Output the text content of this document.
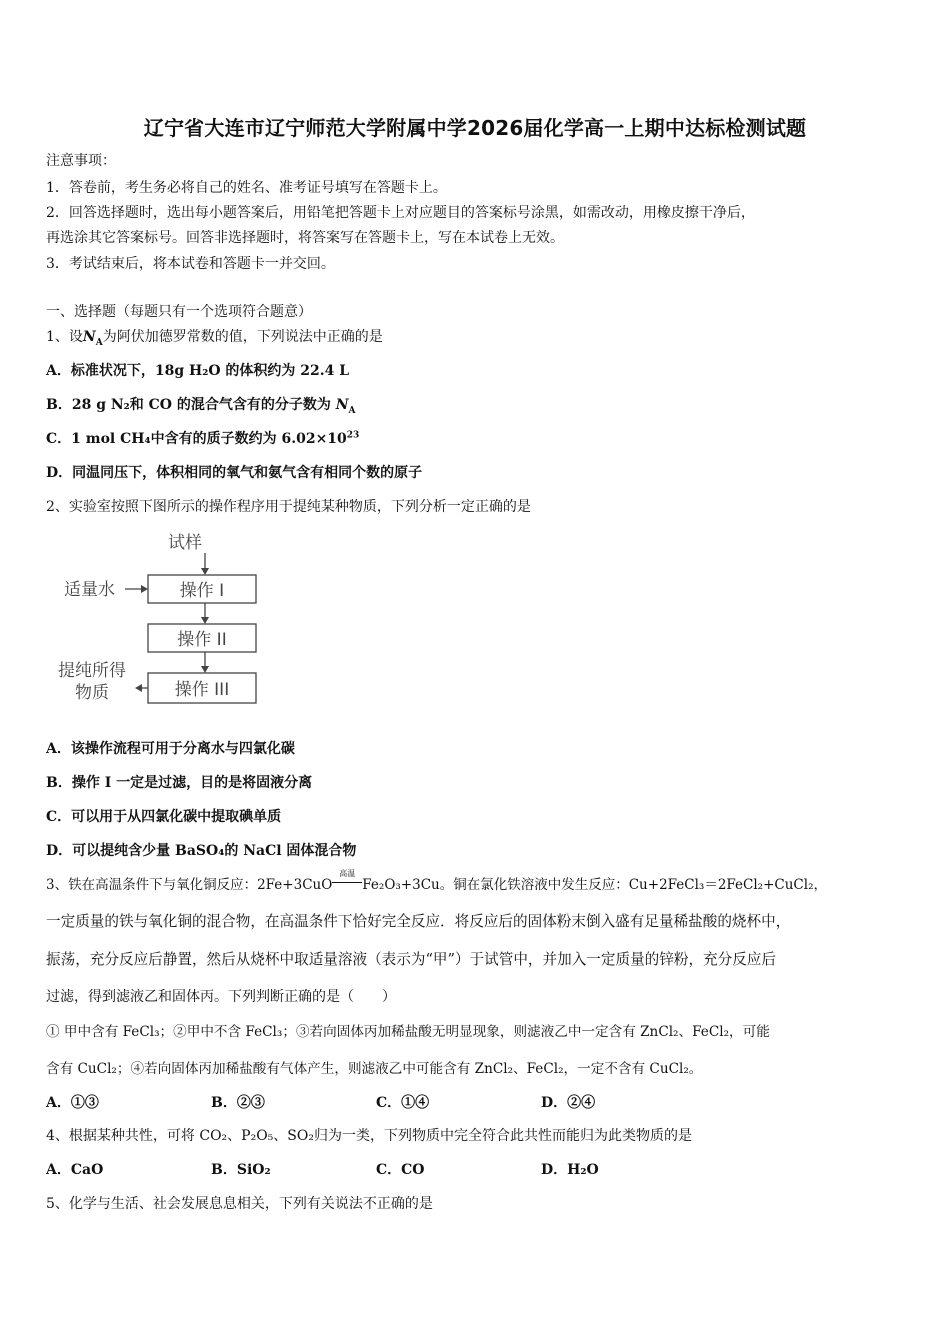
辽宁省大连市辽宁师范大学附属中学2026届化学高一上期中达标检测试题
注意事项：
1．答卷前，考生务必将自己的姓名、准考证号填写在答题卡上。
2．回答选择题时，选出每小题答案后，用铅笔把答题卡上对应题目的答案标号涂黑，如需改动，用橡皮擦干净后，
再选涂其它答案标号。回答非选择题时，将答案写在答题卡上，写在本试卷上无效。
3．考试结束后，将本试卷和答题卡一并交回。
一、选择题（每题只有一个选项符合题意）
1、设$N_A$为阿伏加德罗常数的值，下列说法中正确的是
A．标准状况下，18g H₂O 的体积约为 22.4 L
B．28 g N₂和 CO 的混合气含有的分子数为 $N_A$
C．1 mol CH₄中含有的质子数约为 $6.02\times 10^{23}$
D．同温同压下，体积相同的氧气和氨气含有相同个数的原子
2、实验室按照下图所示的操作程序用于提纯某种物质，下列分析一定正确的是
试样
适量水	操作 I
操作 II
操作 III
提纯所得
物质
A．该操作流程可用于分离水与四氯化碳
B．操作 I 一定是过滤，目的是将固液分离
C．可以用于从四氯化碳中提取碘单质
D．可以提纯含少量 BaSO₄的 NaCl 固体混合物
3、铁在高温条件下与氧化铜反应：2Fe+3CuO
高温
Fe₂O₃+3Cu。铜在氯化铁溶液中发生反应：Cu+2FeCl₃＝2FeCl₂+CuCl₂，
一定质量的铁与氧化铜的混合物，在高温条件下恰好完全反应．将反应后的固体粉末倒入盛有足量稀盐酸的烧杯中，
振荡，充分反应后静置，然后从烧杯中取适量溶液（表示为“甲”）于试管中，并加入一定质量的锌粉，充分反应后
过滤，得到滤液乙和固体丙。下列判断正确的是（　　）
① 甲中含有 FeCl₃；②甲中不含 FeCl₃；③若向固体丙加稀盐酸无明显现象，则滤液乙中一定含有 ZnCl₂、FeCl₂，可能
含有 CuCl₂；④若向固体丙加稀盐酸有气体产生，则滤液乙中可能含有 ZnCl₂、FeCl₂，一定不含有 CuCl₂。
A．①③	B．②③	C．①④	D．②④
4、根据某种共性，可将 CO₂、P₂O₅、SO₂归为一类，下列物质中完全符合此共性而能归为此类物质的是
A．CaO	B．SiO₂	C．CO	D．H₂O
5、化学与生活、社会发展息息相关，下列有关说法不正确的是
